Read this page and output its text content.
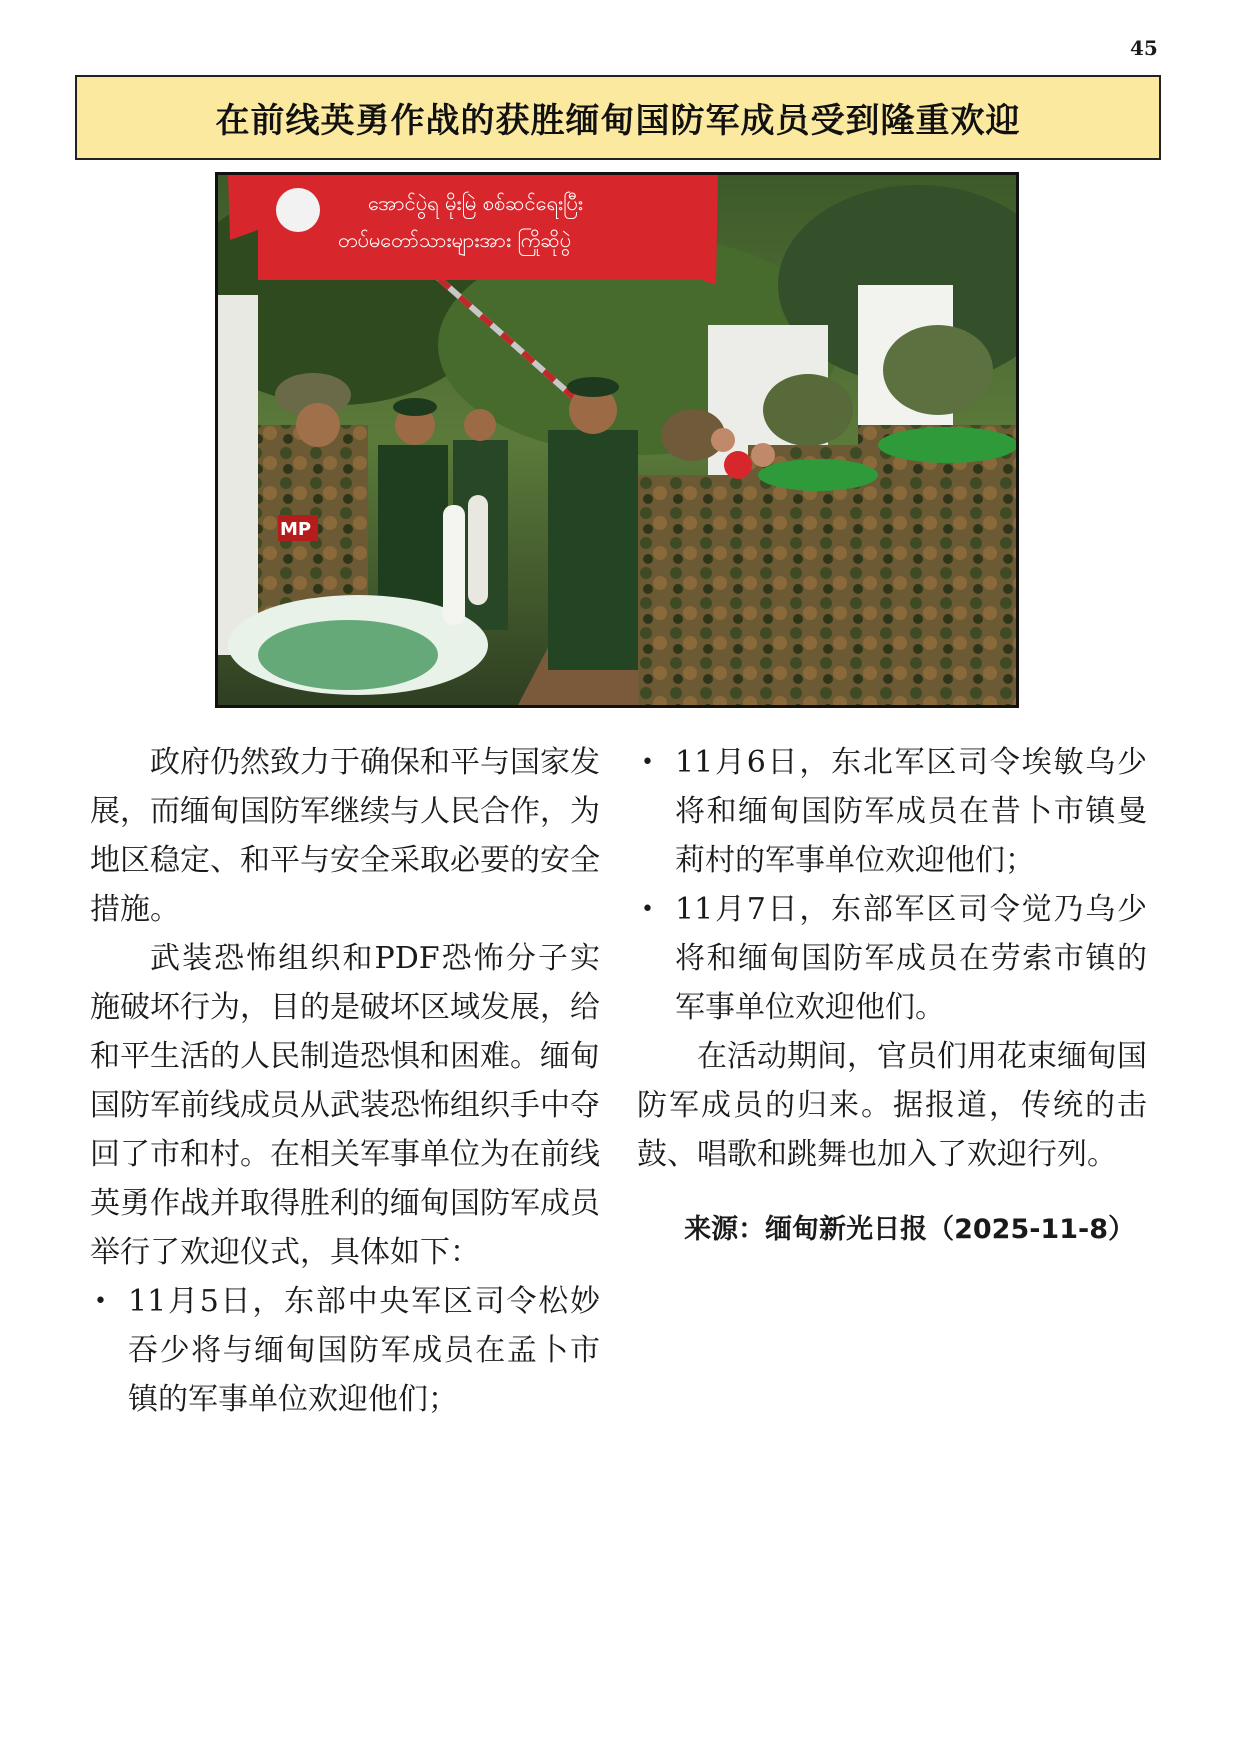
45
在前线英勇作战的获胜缅甸国防军成员受到隆重欢迎
အောင်ပွဲရ မိုးမြဲ စစ်ဆင်ရေးပြီး
တပ်မတော်သားများအား ကြိုဆိုပွဲ
MP

政府仍然致力于确保和平与国家发展，而缅甸国防军继续与人民合作，为地区稳定、和平与安全采取必要的安全措施。

武装恐怖组织和PDF恐怖分子实施破坏行为，目的是破坏区域发展，给和平生活的人民制造恐惧和困难。缅甸国防军前线成员从武装恐怖组织手中夺回了市和村。在相关军事单位为在前线英勇作战并取得胜利的缅甸国防军成员举行了欢迎仪式，具体如下：

• 11月5日，东部中央军区司令松妙吞少将与缅甸国防军成员在孟卜市镇的军事单位欢迎他们；

• 11月6日，东北军区司令埃敏乌少将和缅甸国防军成员在昔卜市镇曼莉村的军事单位欢迎他们；

• 11月7日，东部军区司令觉乃乌少将和缅甸国防军成员在劳索市镇的军事单位欢迎他们。

在活动期间，官员们用花束缅甸国防军成员的归来。据报道，传统的击鼓、唱歌和跳舞也加入了欢迎行列。

来源：缅甸新光日报（2025-11-8）
